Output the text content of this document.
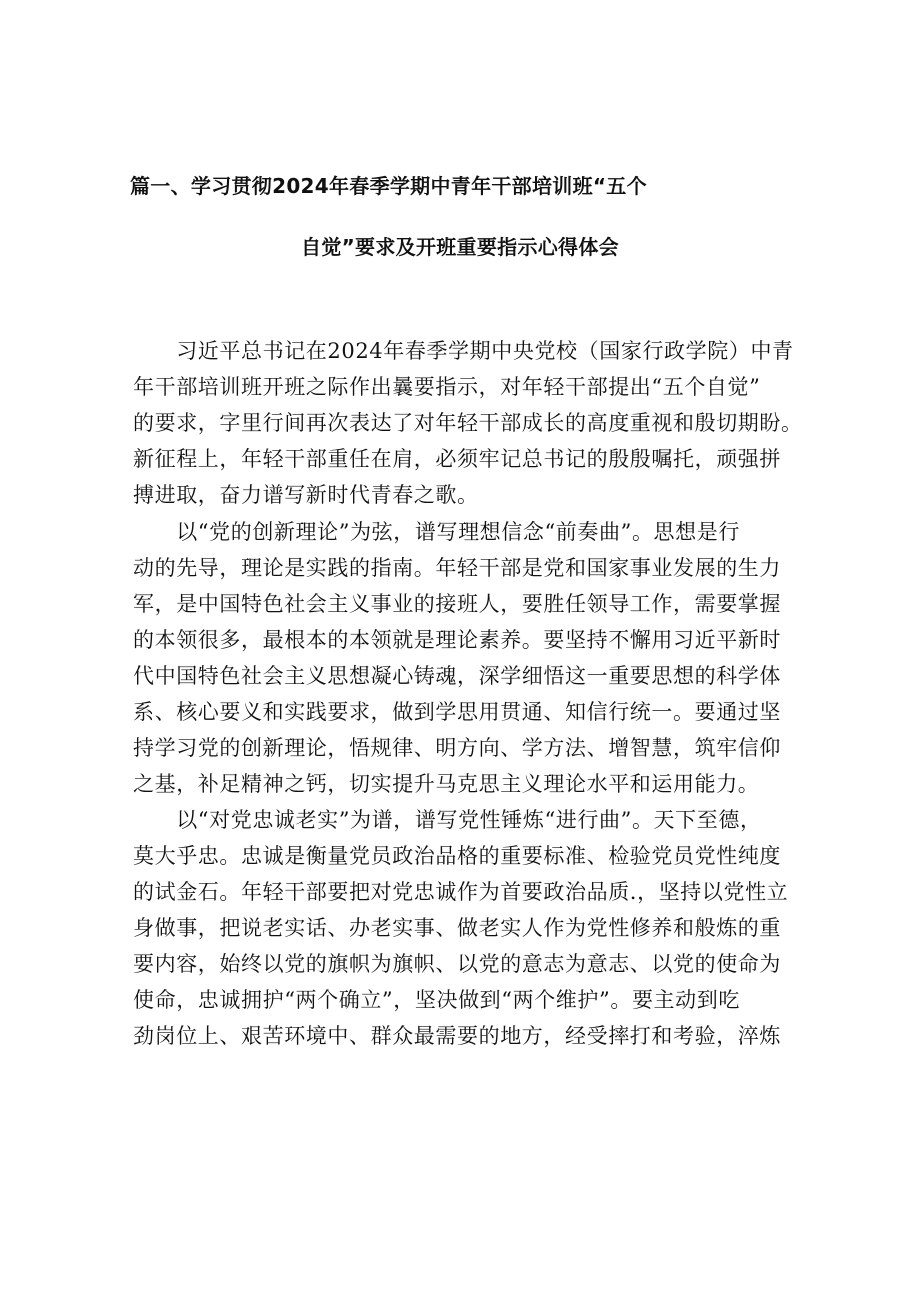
篇一、学习贯彻2024年春季学期中青年干部培训班“五个
自觉”要求及开班重要指示心得体会
　　习近平总书记在2024年春季学期中央党校（国家行政学院）中青
年干部培训班开班之际作出曩要指示，对年轻干部提出“五个自觉”
的要求，字里行间再次表达了对年轻干部成长的高度重视和殷切期盼。
新征程上，年轻干部重任在肩，必须牢记总书记的殷殷嘱托，顽强拼
搏进取，奋力谱写新时代青春之歌。
　　以“党的创新理论”为弦，谱写理想信念“前奏曲”。思想是行
动的先导，理论是实践的指南。年轻干部是党和国家事业发展的生力
军，是中国特色社会主义事业的接班人，要胜任领导工作，需要掌握
的本领很多，最根本的本领就是理论素养。要坚持不懈用习近平新时
代中国特色社会主义思想凝心铸魂，深学细悟这一重要思想的科学体
系、核心要义和实践要求，做到学思用贯通、知信行统一。要通过坚
持学习党的创新理论，悟规律、明方向、学方法、增智慧，筑牢信仰
之基，补足精神之钙，切实提升马克思主义理论水平和运用能力。
　　以“对党忠诚老实”为谱，谱写党性锤炼“进行曲”。天下至德，
莫大乎忠。忠诚是衡量党员政治品格的重要标准、检验党员党性纯度
的试金石。年轻干部要把对党忠诚作为首要政治品质.，坚持以党性立
身做事，把说老实话、办老实事、做老实人作为党性修养和般炼的重
要内容，始终以党的旗帜为旗帜、以党的意志为意志、以党的使命为
使命，忠诚拥护“两个确立”，坚决做到“两个维护”。要主动到吃
劲岗位上、艰苦环境中、群众最需要的地方，经受摔打和考验，淬炼
